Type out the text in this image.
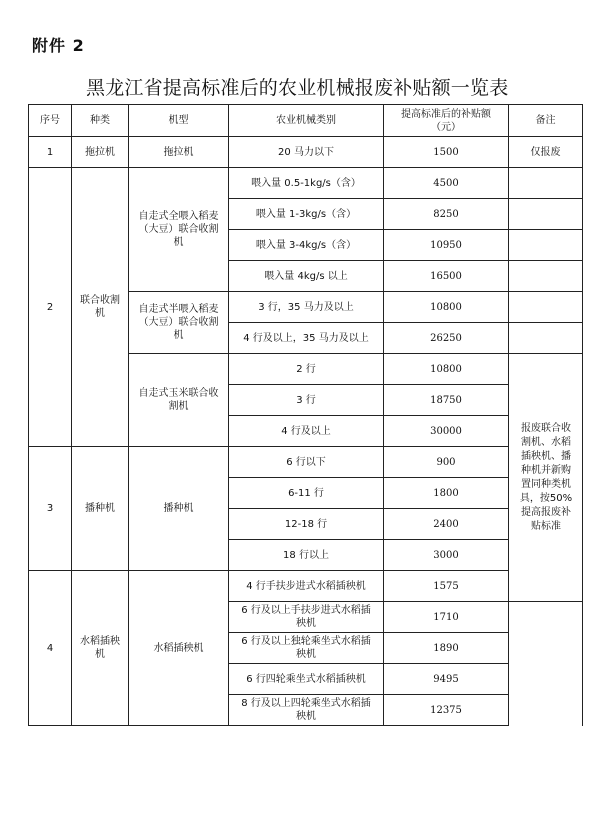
附件 2
黑龙江省提高标准后的农业机械报废补贴额一览表
序号	种类	机型	农业机械类别	提高标准后的补贴额（元）	备注	
1	拖拉机	拖拉机	20 马力以下	1500	仅报废	
2	联合收割机	自走式全喂入稻麦（大豆）联合收割机	喂入量 0.5-1kg/s（含）	4500		
			喂入量 1-3kg/s（含）	8250		
			喂入量 3-4kg/s（含）	10950		
			喂入量 4kg/s 以上	16500		
		自走式半喂入稻麦（大豆）联合收割机	3 行，35 马力及以上	10800		
			4 行及以上，35 马力及以上	26250		
		自走式玉米联合收割机	2 行	10800	报废联合收割机、水稻插秧机、播种机并新购置同种类机具，按50%提高报废补贴标准	
			3 行	18750		
			4 行及以上	30000		
3	播种机	播种机	6 行以下	900		
			6-11 行	1800		
			12-18 行	2400		
			18 行以上	3000		
4	水稻插秧机	水稻插秧机	4 行手扶步进式水稻插秧机	1575		
			6 行及以上手扶步进式水稻插秧机	1710		
			6 行及以上独轮乘坐式水稻插秧机	1890		
			6 行四轮乘坐式水稻插秧机	9495		
			8 行及以上四轮乘坐式水稻插秧机	12375		
